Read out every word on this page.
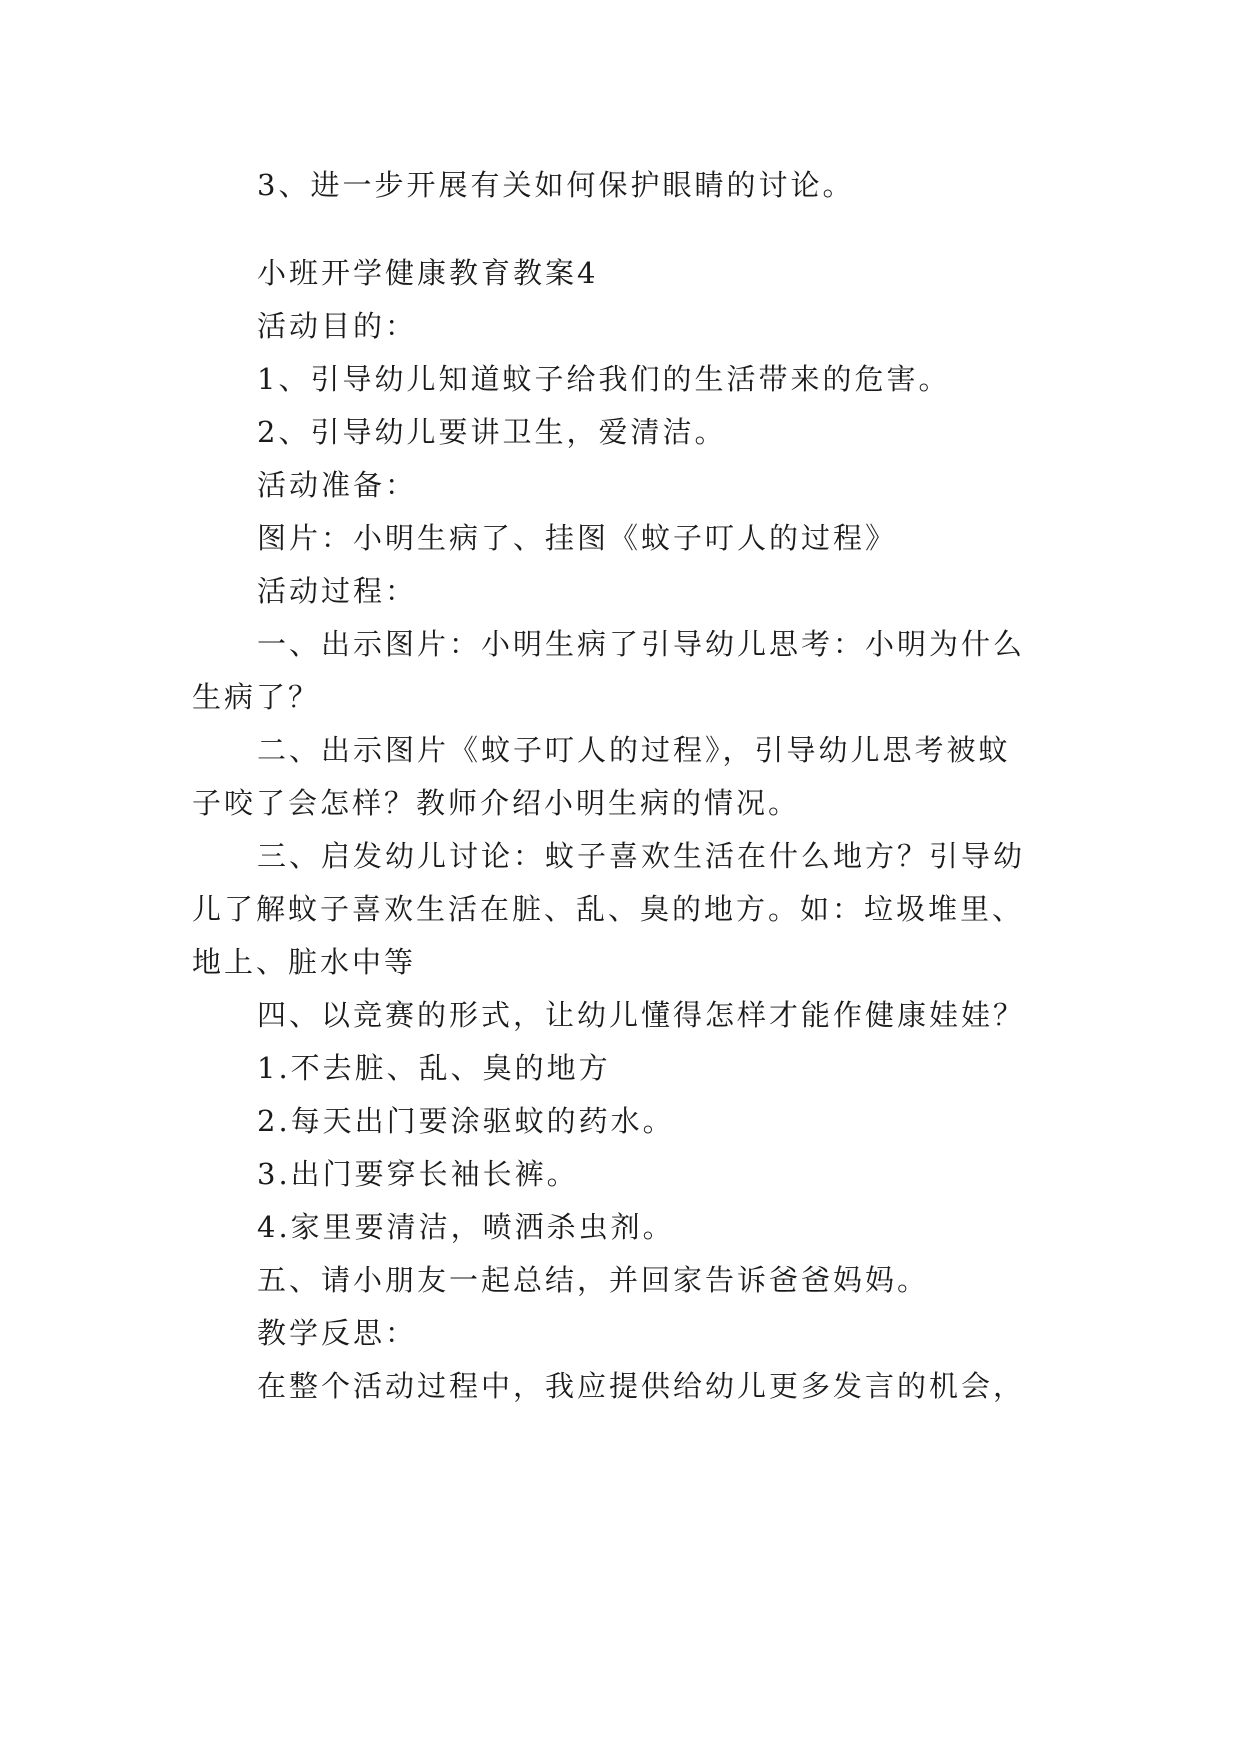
3、进一步开展有关如何保护眼睛的讨论。
小班开学健康教育教案4
活动目的：
1、引导幼儿知道蚊子给我们的生活带来的危害。
2、引导幼儿要讲卫生，爱清洁。
活动准备：
图片：小明生病了、挂图《蚊子叮人的过程》
活动过程：
一、出示图片：小明生病了引导幼儿思考：小明为什么
生病了？
二、出示图片《蚊子叮人的过程》，引导幼儿思考被蚊
子咬了会怎样？教师介绍小明生病的情况。
三、启发幼儿讨论：蚊子喜欢生活在什么地方？引导幼
儿了解蚊子喜欢生活在脏、乱、臭的地方。如：垃圾堆里、
地上、脏水中等
四、以竞赛的形式，让幼儿懂得怎样才能作健康娃娃？
1.不去脏、乱、臭的地方
2.每天出门要涂驱蚊的药水。
3.出门要穿长袖长裤。
4.家里要清洁，喷洒杀虫剂。
五、请小朋友一起总结，并回家告诉爸爸妈妈。
教学反思：
在整个活动过程中，我应提供给幼儿更多发言的机会，
